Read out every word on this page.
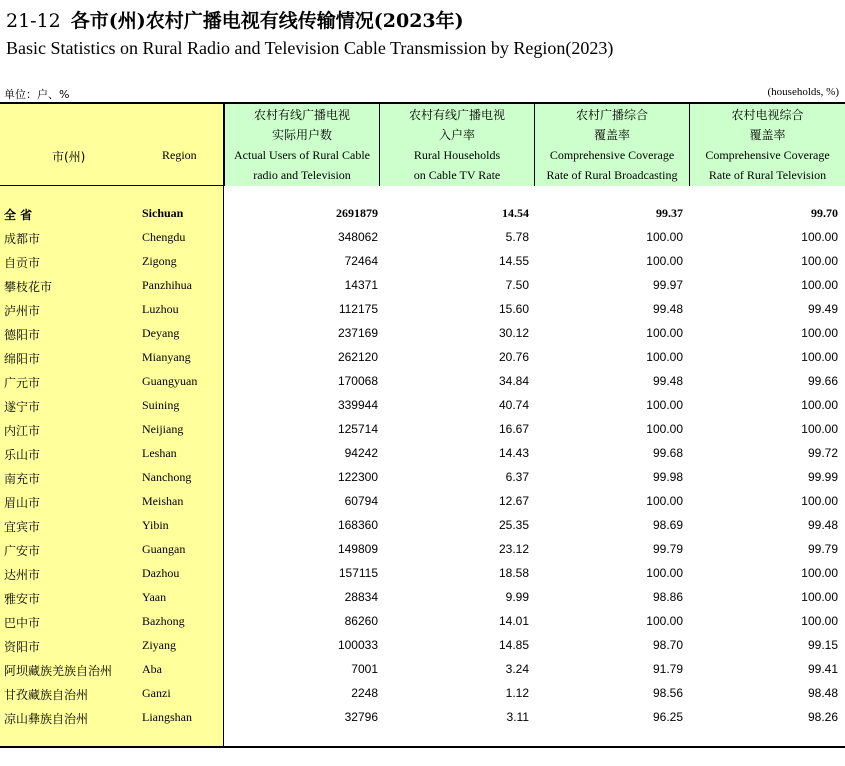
21-12 各市(州)农村广播电视有线传输情况(2023年)
Basic Statistics on Rural Radio and Television Cable Transmission by Region(2023)
单位：户、%	(households, %)
市(州)	Region
农村有线广播电视
实际用户数
Actual Users of Rural Cable
radio and Television
农村有线广播电视
入户率
Rural Households
on Cable TV Rate
农村广播综合
覆盖率
Comprehensive Coverage
Rate of Rural Broadcasting
农村电视综合
覆盖率
Comprehensive Coverage
Rate of Rural Television
全 省	Sichuan	2691879	14.54	99.37	99.70
成都市	Chengdu	348062	5.78	100.00	100.00
自贡市	Zigong	72464	14.55	100.00	100.00
攀枝花市	Panzhihua	14371	7.50	99.97	100.00
泸州市	Luzhou	112175	15.60	99.48	99.49
德阳市	Deyang	237169	30.12	100.00	100.00
绵阳市	Mianyang	262120	20.76	100.00	100.00
广元市	Guangyuan	170068	34.84	99.48	99.66
遂宁市	Suining	339944	40.74	100.00	100.00
内江市	Neijiang	125714	16.67	100.00	100.00
乐山市	Leshan	94242	14.43	99.68	99.72
南充市	Nanchong	122300	6.37	99.98	99.99
眉山市	Meishan	60794	12.67	100.00	100.00
宜宾市	Yibin	168360	25.35	98.69	99.48
广安市	Guangan	149809	23.12	99.79	99.79
达州市	Dazhou	157115	18.58	100.00	100.00
雅安市	Yaan	28834	9.99	98.86	100.00
巴中市	Bazhong	86260	14.01	100.00	100.00
资阳市	Ziyang	100033	14.85	98.70	99.15
阿坝藏族羌族自治州 Aba	7001	3.24	91.79	99.41
甘孜藏族自治州	Ganzi	2248	1.12	98.56	98.48
凉山彝族自治州	Liangshan	32796	3.11	96.25	98.26
